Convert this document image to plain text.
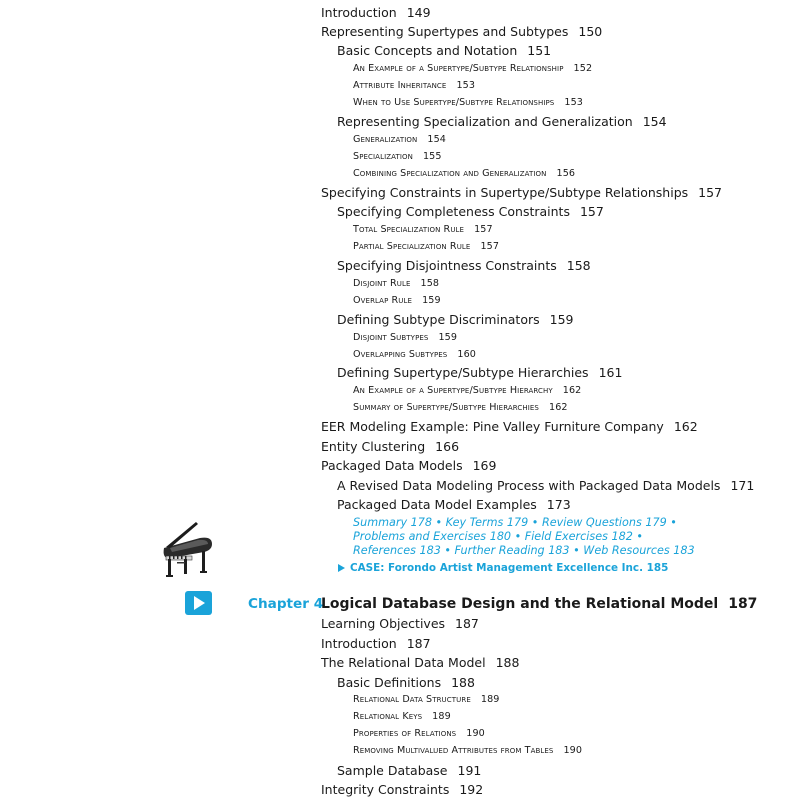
Introduction 149
Representing Supertypes and Subtypes 150
Basic Concepts and Notation 151
An Example of a Supertype/Subtype Relationship 152
Attribute Inheritance 153
When to Use Supertype/Subtype Relationships 153
Representing Specialization and Generalization 154
Generalization 154
Specialization 155
Combining Specialization and Generalization 156
Specifying Constraints in Supertype/Subtype Relationships 157
Specifying Completeness Constraints 157
Total Specialization Rule 157
Partial Specialization Rule 157
Specifying Disjointness Constraints 158
Disjoint Rule 158
Overlap Rule 159
Defining Subtype Discriminators 159
Disjoint Subtypes 159
Overlapping Subtypes 160
Defining Supertype/Subtype Hierarchies 161
An Example of a Supertype/Subtype Hierarchy 162
Summary of Supertype/Subtype Hierarchies 162
EER Modeling Example: Pine Valley Furniture Company 162
Entity Clustering 166
Packaged Data Models 169
A Revised Data Modeling Process with Packaged Data Models 171
Packaged Data Model Examples 173
Summary 178 • Key Terms 179 • Review Questions 179 •
Problems and Exercises 180 • Field Exercises 182 •
References 183 • Further Reading 183 • Web Resources 183
CASE: Forondo Artist Management Excellence Inc. 185
Chapter 4
Logical Database Design and the Relational Model 187
Learning Objectives 187
Introduction 187
The Relational Data Model 188
Basic Definitions 188
Relational Data Structure 189
Relational Keys 189
Properties of Relations 190
Removing Multivalued Attributes from Tables 190
Sample Database 191
Integrity Constraints 192
